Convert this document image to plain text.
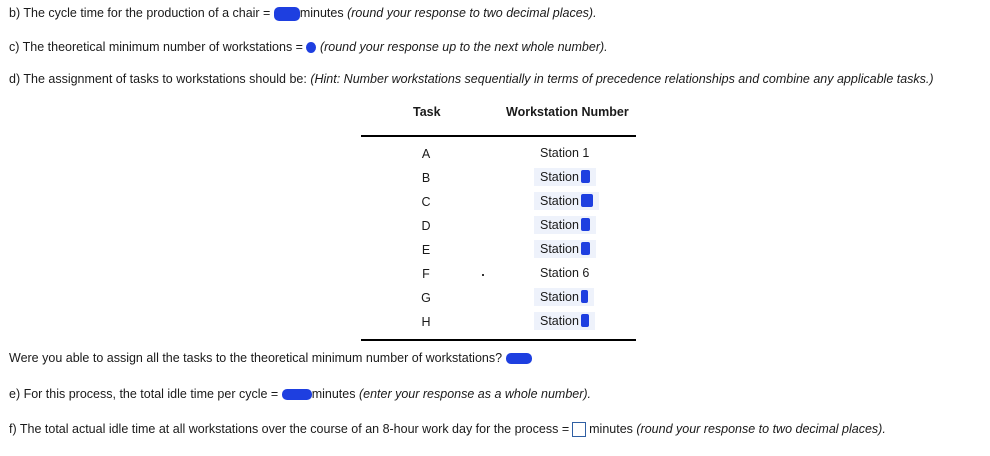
b) The cycle time for the production of a chair = minutes (round your response to two decimal places).
c) The theoretical minimum number of workstations = (round your response up to the next whole number).
d) The assignment of tasks to workstations should be: (Hint: Number workstations sequentially in terms of precedence relationships and combine any applicable tasks.)
Task	Workstation Number
A	Station 1
B	Station
C	Station
D	Station
E	Station
F	Station 6
G	Station
H	Station
Were you able to assign all the tasks to the theoretical minimum number of workstations?
e) For this process, the total idle time per cycle =	minutes (enter your response as a whole number).
f) The total actual idle time at all workstations over the course of an 8-hour work day for the process = minutes (round your response to two decimal places).
